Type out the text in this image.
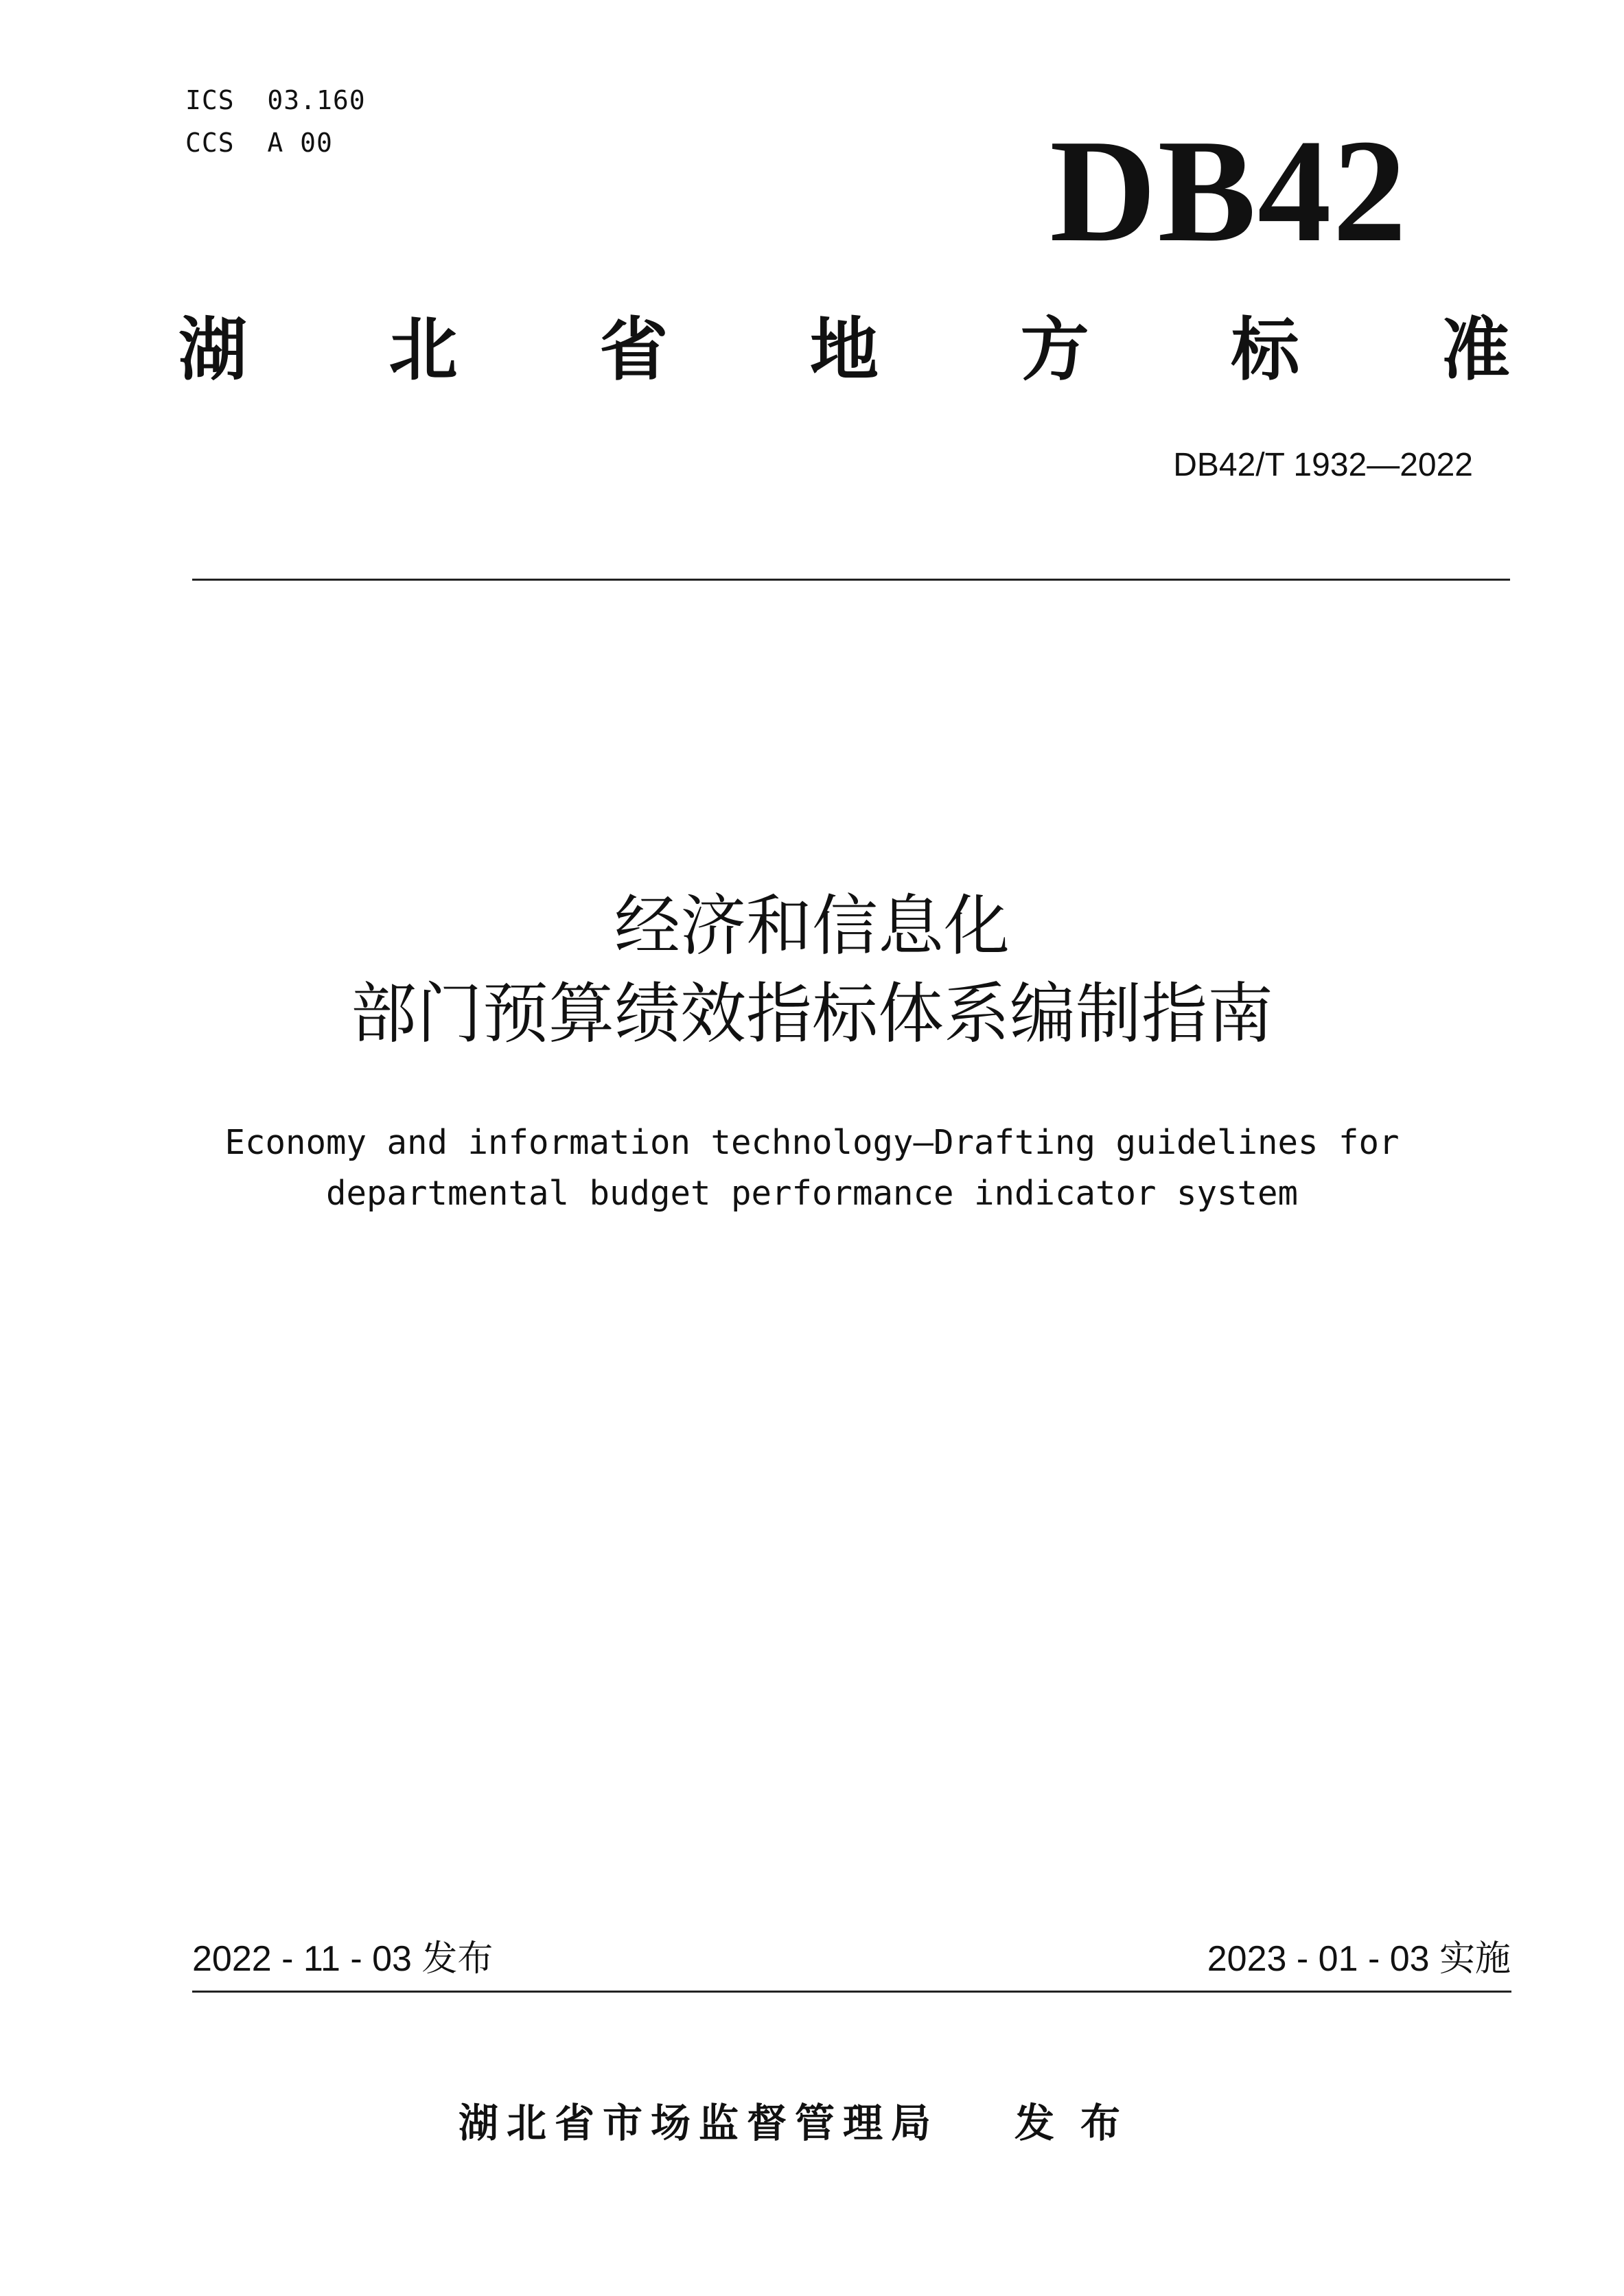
ICS  03.160
CCS  A 00	DB42
湖 北 省 地 方 标 准
DB42/T 1932—2022
经济和信息化
部门预算绩效指标体系编制指南
Economy and information technology—Drafting guidelines for
departmental budget performance indicator system
2022 - 11 - 03 发布	2023 - 01 - 03 实施
湖北省市场监督管理局 发布
